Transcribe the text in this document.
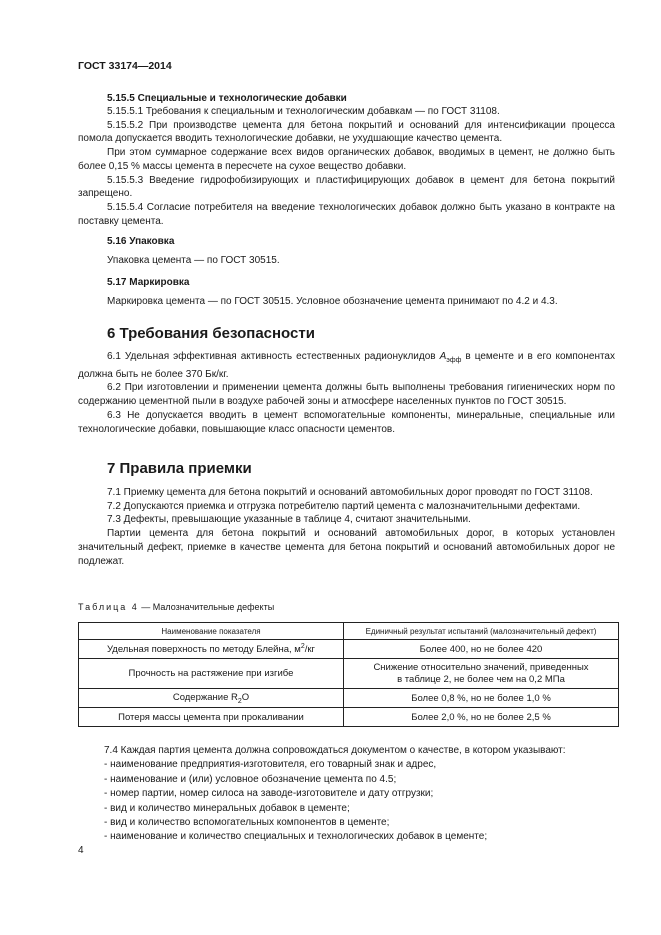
ГОСТ 33174—2014
5.15.5 Специальные и технологические добавки

5.15.5.1 Требования к специальным и технологическим добавкам — по ГОСТ 31108.

5.15.5.2 При производстве цемента для бетона покрытий и оснований для интенсификации процесса помола допускается вводить технологические добавки, не ухудшающие качество цемента.

При этом суммарное содержание всех видов органических добавок, вводимых в цемент, не должно быть более 0,15 % массы цемента в пересчете на сухое вещество добавки.

5.15.5.3 Введение гидрофобизирующих и пластифицирующих добавок в цемент для бетона покрытий запрещено.

5.15.5.4 Согласие потребителя на введение технологических добавок должно быть указано в контракте на поставку цемента.

5.16 Упаковка
Упаковка цемента — по ГОСТ 30515.
5.17 Маркировка
Маркировка цемента — по ГОСТ 30515. Условное обозначение цемента принимают по 4.2 и 4.3.
6 Требования безопасности

6.1 Удельная эффективная активность естественных радионуклидов $A_{эфф}$ в цементе и в его компонентах должна быть не более 370 Бк/кг.

6.2 При изготовлении и применении цемента должны быть выполнены требования гигиенических норм по содержанию цементной пыли в воздухе рабочей зоны и атмосфере населенных пунктов по ГОСТ 30515.

6.3 Не допускается вводить в цемент вспомогательные компоненты, минеральные, специальные или технологические добавки, повышающие класс опасности цементов.

7 Правила приемки

7.1 Приемку цемента для бетона покрытий и оснований автомобильных дорог проводят по ГОСТ 31108.

7.2 Допускаются приемка и отгрузка потребителю партий цемента с малозначительными дефектами.

7.3 Дефекты, превышающие указанные в таблице 4, считают значительными.

Партии цемента для бетона покрытий и оснований автомобильных дорог, в которых установлен значительный дефект, приемке в качестве цемента для бетона покрытий и оснований автомобильных дорог не подлежат.

Таблица 4 — Малозначительные дефекты
Наименование показателя	Единичный результат испытаний (малозначительный дефект)
Удельная поверхность по методу Блейна, $м^2/кг$	Более 400, но не более 420
Прочность на растяжение при изгибе	Снижение относительно значений, приведенных
в таблице 2, не более чем на 0,2 МПа

Содержание $R_2O$	Более 0,8 %, но не более 1,0 %
Потеря массы цемента при прокаливании	Более 2,0 %, но не более 2,5 %
7.4 Каждая партия цемента должна сопровождаться документом о качестве, в котором указывают:
- наименование предприятия-изготовителя, его товарный знак и адрес,
- наименование и (или) условное обозначение цемента по 4.5;
- номер партии, номер силоса на заводе-изготовителе и дату отгрузки;
- вид и количество минеральных добавок в цементе;
- вид и количество вспомогательных компонентов в цементе;
- наименование и количество специальных и технологических добавок в цементе;
4
